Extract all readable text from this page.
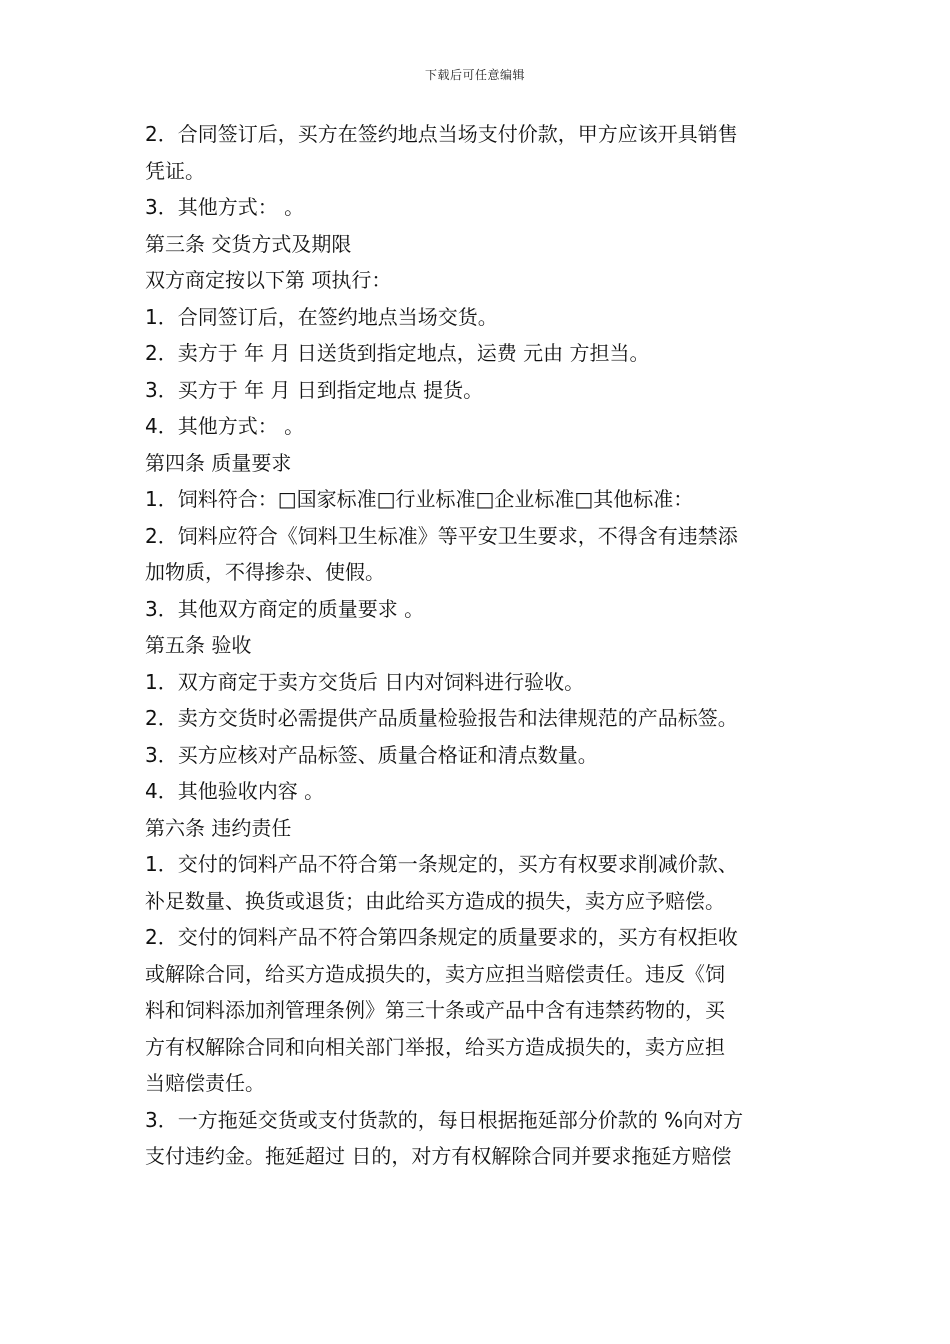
下载后可任意编辑
2．合同签订后，买方在签约地点当场支付价款，甲方应该开具销售
凭证。
3．其他方式： 。
第三条 交货方式及期限
双方商定按以下第 项执行：
1．合同签订后，在签约地点当场交货。
2．卖方于 年 月 日送货到指定地点，运费 元由 方担当。
3．买方于 年 月 日到指定地点 提货。
4．其他方式： 。
第四条 质量要求
1．饲料符合：□国家标准□行业标准□企业标准□其他标准：
2．饲料应符合《饲料卫生标准》等平安卫生要求，不得含有违禁添
加物质，不得掺杂、使假。
3．其他双方商定的质量要求 。
第五条 验收
1．双方商定于卖方交货后 日内对饲料进行验收。
2．卖方交货时必需提供产品质量检验报告和法律规范的产品标签。
3．买方应核对产品标签、质量合格证和清点数量。
4．其他验收内容 。
第六条 违约责任
1．交付的饲料产品不符合第一条规定的，买方有权要求削减价款、
补足数量、换货或退货；由此给买方造成的损失，卖方应予赔偿。
2．交付的饲料产品不符合第四条规定的质量要求的，买方有权拒收
或解除合同，给买方造成损失的，卖方应担当赔偿责任。违反《饲
料和饲料添加剂管理条例》第三十条或产品中含有违禁药物的，买
方有权解除合同和向相关部门举报，给买方造成损失的，卖方应担
当赔偿责任。
3．一方拖延交货或支付货款的，每日根据拖延部分价款的 %向对方
支付违约金。拖延超过 日的，对方有权解除合同并要求拖延方赔偿
